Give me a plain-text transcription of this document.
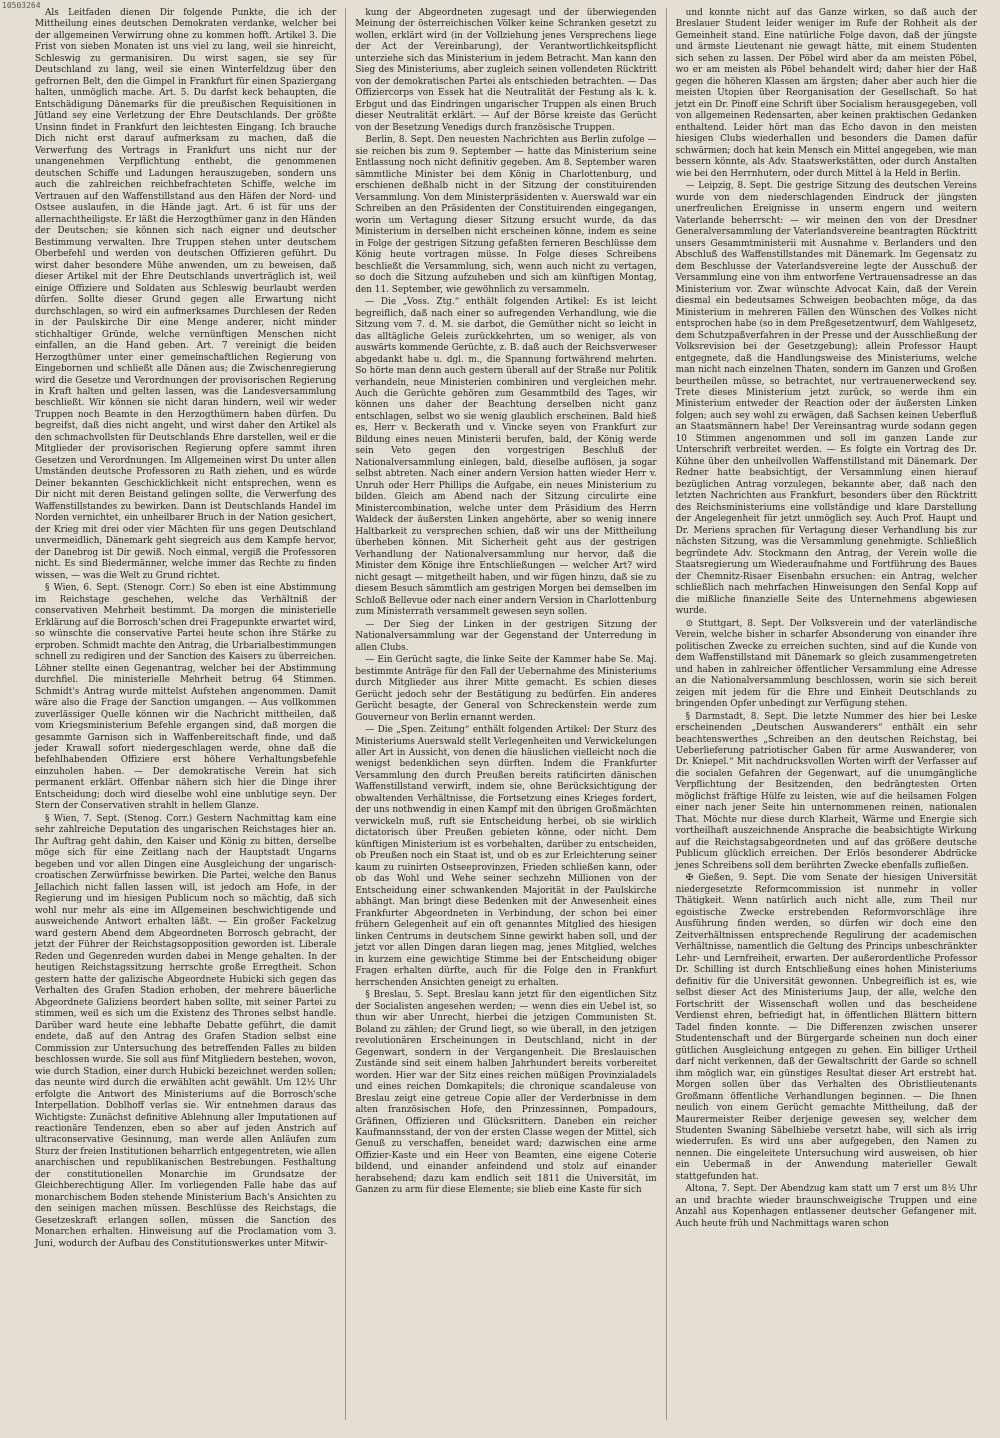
10503264

Als Leitfaden dienen Dir folgende Punkte, die ich der Mittheilung eines deutschen Demokraten verdanke, welcher bei der allgemeinen Verwirrung ohne zu kommen hofft. Artikel 3. Die Frist von sieben Monaten ist uns viel zu lang, weil sie hinreicht, Schleswig zu germanisiren. Du wirst sagen, sie sey für Deutschland zu lang, weil sie einen Winterfeldzug über den gefrornen Belt, den die Gimpel in Frankfurt für einen Spaziergang halten, unmöglich mache. Art. 5. Du darfst keck behaupten, die Entschädigung Dänemarks für die preußischen Requisitionen in Jütland sey eine Verletzung der Ehre Deutschlands. Der größte Unsinn findet in Frankfurt den leichtesten Eingang. Ich brauche Dich nicht erst darauf aufmerksam zu machen, daß die Verwerfung des Vertrags in Frankfurt uns nicht nur der unangenehmen Verpflichtung enthebt, die genommenen deutschen Schiffe und Ladungen herauszugeben, sondern uns auch die zahlreichen reichbefrachteten Schiffe, welche im Vertrauen auf den Waffenstillstand aus den Häfen der Nord- und Ostsee auslaufen, in die Hände jagt. Art. 6 ist für uns der allernachtheiligste. Er läßt die Herzogthümer ganz in den Händen der Deutschen; sie können sich nach eigner und deutscher Bestimmung verwalten. Ihre Truppen stehen unter deutschem Oberbefehl und werden von deutschen Offizieren geführt. Du wirst daher besondere Mühe anwenden, um zu beweisen, daß dieser Artikel mit der Ehre Deutschlands unverträglich ist, weil einige Offiziere und Soldaten aus Schleswig beurlaubt werden dürfen. Sollte dieser Grund gegen alle Erwartung nicht durchschlagen, so wird ein aufmerksames Durchlesen der Reden in der Paulskirche Dir eine Menge anderer, nicht minder stichhaltiger Gründe, welche vernünftigen Menschen nicht einfallen, an die Hand geben. Art. 7 vereinigt die beiden Herzogthümer unter einer gemeinschaftlichen Regierung von Eingebornen und schließt alle Dänen aus; die Zwischenregierung wird die Gesetze und Verordnungen der provisorischen Regierung in Kraft halten und gelten lassen, was die Landesversammlung beschließt. Wir können sie nicht daran hindern, weil wir weder Truppen noch Beamte in den Herzogthümern haben dürfen. Du begreifst, daß dies nicht angeht, und wirst daher den Artikel als den schmachvollsten für Deutschlands Ehre darstellen, weil er die Mitglieder der provisorischen Regierung opfere sammt ihren Gesetzen und Verordnungen. Im Allgemeinen wirst Du unter allen Umständen deutsche Professoren zu Rath ziehen, und es würde Deiner bekannten Geschicklichkeit nicht entsprechen, wenn es Dir nicht mit deren Beistand gelingen sollte, die Verwerfung des Waffenstillstandes zu bewirken. Dann ist Deutschlands Handel im Norden vernichtet, ein unheilbarer Bruch in der Nation gesichert, der Krieg mit drei oder vier Mächten für uns gegen Deutschland unvermeidlich, Dänemark geht siegreich aus dem Kampfe hervor, der Danebrog ist Dir gewiß. Noch einmal, vergiß die Professoren nicht. Es sind Biedermänner, welche immer das Rechte zu finden wissen, — was die Welt zu Grund richtet.

§ Wien, 6. Sept. (Stenogr. Corr.) So eben ist eine Abstimmung im Reichstage geschehen, welche das Verhältniß der conservativen Mehrheit bestimmt. Da morgen die ministerielle Erklärung auf die Borrosch'schen drei Fragepunkte erwartet wird, so wünschte die conservative Partei heute schon ihre Stärke zu erproben. Schmidt machte den Antrag, die Urbarialbestimmungen schnell zu redigiren und der Sanction des Kaisers zu überreichen. Löhner stellte einen Gegenantrag, welcher bei der Abstimmung durchfiel. Die ministerielle Mehrheit betrug 64 Stimmen. Schmidt's Antrag wurde mittelst Aufstehen angenommen. Damit wäre also die Frage der Sanction umgangen. — Aus vollkommen zuverlässiger Quelle können wir die Nachricht mittheilen, daß vom Kriegsministerium Befehle ergangen sind, daß morgen die gesammte Garnison sich in Waffenbereitschaft finde, und daß jeder Krawall sofort niedergeschlagen werde, ohne daß die befehlhabenden Offiziere erst höhere Verhaltungsbefehle einzuholen haben. — Der demokratische Verein hat sich permanent erklärt. Offenbar nähern sich hier die Dinge ihrer Entscheidung; doch wird dieselbe wohl eine unblutige seyn. Der Stern der Conservativen strahlt in hellem Glanze.

§ Wien, 7. Sept. (Stenog. Corr.) Gestern Nachmittag kam eine sehr zahlreiche Deputation des ungarischen Reichstages hier an. Ihr Auftrag geht dahin, den Kaiser und König zu bitten, derselbe möge sich für eine Zeitlang nach der Hauptstadt Ungarns begeben und vor allen Dingen eine Ausgleichung der ungarisch-croatischen Zerwürfnisse bewirken. Die Partei, welche den Banus Jellachich nicht fallen lassen will, ist jedoch am Hofe, in der Regierung und im hiesigen Publicum noch so mächtig, daß sich wohl nur mehr als eine im Allgemeinen beschwichtigende und ausweichende Antwort erhalten läßt. — Ein großer Fackelzug ward gestern Abend dem Abgeordneten Borrosch gebracht, der jetzt der Führer der Reichstagsopposition geworden ist. Liberale Reden und Gegenreden wurden dabei in Menge gehalten. In der heutigen Reichstagssitzung herrschte große Erregtheit. Schon gestern hatte der galizische Abgeordnete Hubicki sich gegen das Verhalten des Grafen Stadion erhoben, der mehrere bäuerliche Abgeordnete Galiziens beordert haben sollte, mit seiner Partei zu stimmen, weil es sich um die Existenz des Thrones selbst handle. Darüber ward heute eine lebhafte Debatte geführt, die damit endete, daß auf den Antrag des Grafen Stadion selbst eine Commission zur Untersuchung des betreffenden Falles zu bilden beschlossen wurde. Sie soll aus fünf Mitgliedern bestehen, wovon, wie durch Stadion, einer durch Hubicki bezeichnet werden sollen; das neunte wird durch die erwählten acht gewählt. Um 12½ Uhr erfolgte die Antwort des Ministeriums auf die Borrosch'sche Interpellation. Doblhoff verlas sie. Wir entnehmen daraus das Wichtigste: Zunächst definitive Ablehnung aller Imputationen auf reactionäre Tendenzen, eben so aber auf jeden Anstrich auf ultraconservative Gesinnung, man werde allen Anläufen zum Sturz der freien Institutionen beharrlich entgegentreten, wie allen anarchischen und republikanischen Bestrebungen. Festhaltung der constitutionellen Monarchie im Grundsatze der Gleichberechtigung Aller. Im vorliegenden Falle habe das auf monarchischem Boden stehende Ministerium Bach's Ansichten zu den seinigen machen müssen. Beschlüsse des Reichstags, die Gesetzeskraft erlangen sollen, müssen die Sanction des Monarchen erhalten. Hinweisung auf die Proclamation vom 3. Juni, wodurch der Aufbau des Constitutionswerkes unter Mitwir-

kung der Abgeordneten zugesagt und der überwiegenden Meinung der österreichischen Völker keine Schranken gesetzt zu wollen, erklärt wird (in der Vollziehung jenes Versprechens liege der Act der Vereinbarung), der Verantwortlichkeitspflicht unterziehe sich das Ministerium in jedem Betracht. Man kann den Sieg des Ministeriums, aber zugleich seinen vollendeten Rücktritt von der demokratischen Partei als entschieden betrachten. — Das Offiziercorps von Essek hat die Neutralität der Festung als k. k. Erbgut und das Eindringen ungarischer Truppen als einen Bruch dieser Neutralität erklärt. — Auf der Börse kreiste das Gerücht von der Besetzung Venedigs durch französische Truppen.

Berlin, 8. Sept. Den neuesten Nachrichten aus Berlin zufolge — sie reichen bis zum 9. September — hatte das Ministerium seine Entlassung noch nicht definitiv gegeben. Am 8. September waren sämmtliche Minister bei dem König in Charlottenburg, und erschienen deßhalb nicht in der Sitzung der constituirenden Versammlung. Von dem Ministerpräsidenten v. Auerswald war ein Schreiben an den Präsidenten der Constituirenden eingegangen, worin um Vertagung dieser Sitzung ersucht wurde, da das Ministerium in derselben nicht erscheinen könne, indem es seine in Folge der gestrigen Sitzung gefaßten ferneren Beschlüsse dem König heute vortragen müsse. In Folge dieses Schreibens beschließt die Versammlung, sich, wenn auch nicht zu vertagen, so doch die Sitzung aufzuheben und sich am künftigen Montag, den 11. September, wie gewöhnlich zu versammeln.

— Die „Voss. Ztg.“ enthält folgenden Artikel: Es ist leicht begreiflich, daß nach einer so aufregenden Verhandlung, wie die Sitzung vom 7. d. M. sie darbot, die Gemüther nicht so leicht in das alltägliche Geleis zurückkehrten, um so weniger, als von auswärts kommende Gerüchte, z. B. daß auch der Reichsverweser abgedankt habe u. dgl. m., die Spannung fortwährend mehrten. So hörte man denn auch gestern überall auf der Straße nur Politik verhandeln, neue Ministerien combiniren und vergleichen mehr. Auch die Gerüchte gehören zum Gesammtbild des Tages, wir können uns daher der Beachtung derselben nicht ganz entschlagen, selbst wo sie wenig glaublich erscheinen. Bald hieß es, Herr v. Beckerath und v. Vincke seyen von Frankfurt zur Bildung eines neuen Ministerii berufen, bald, der König werde sein Veto gegen den vorgestrigen Beschluß der Nationalversammlung einlegen, bald, dieselbe auflösen, ja sogar selbst abtreten. Nach einer andern Version hatten wieder Herr v. Unruh oder Herr Phillips die Aufgabe, ein neues Ministerium zu bilden. Gleich am Abend nach der Sitzung circulirte eine Ministercombination, welche unter dem Präsidium des Herrn Waldeck der äußersten Linken angehörte, aber so wenig innere Haltbarkeit zu versprechen schien, daß wir uns der Mittheilung überheben können. Mit Sicherheit geht aus der gestrigen Verhandlung der Nationalversammlung nur hervor, daß die Minister dem Könige ihre Entschließungen — welcher Art? wird nicht gesagt — mitgetheilt haben, und wir fügen hinzu, daß sie zu diesem Besuch sämmtlich am gestrigen Morgen bei demselben im Schloß Bellevue oder nach einer andern Version in Charlottenburg zum Ministerrath versammelt gewesen seyn sollen.

— Der Sieg der Linken in der gestrigen Sitzung der Nationalversammlung war der Gegenstand der Unterredung in allen Clubs.

— Ein Gerücht sagte, die linke Seite der Kammer habe Se. Maj. bestimmte Anträge für den Fall der Uebernahme des Ministeriums durch Mitglieder aus ihrer Mitte gemacht. Es schien dieses Gerücht jedoch sehr der Bestätigung zu bedürfen. Ein anderes Gerücht besagte, der General von Schreckenstein werde zum Gouverneur von Berlin ernannt werden.

— Die „Spen. Zeitung“ enthält folgenden Artikel: Der Sturz des Ministeriums Auerswald stellt Verlegenheiten und Verwickelungen aller Art in Aussicht, von denen die häuslichen vielleicht noch die wenigst bedenklichen seyn dürften. Indem die Frankfurter Versammlung den durch Preußen bereits ratificirten dänischen Waffenstillstand verwirft, indem sie, ohne Berücksichtigung der obwaltenden Verhältnisse, die Fortsetzung eines Krieges fordert, der uns nothwendig in einen Kampf mit den übrigen Großmächten verwickeln muß, ruft sie Entscheidung herbei, ob sie wirklich dictatorisch über Preußen gebieten könne, oder nicht. Dem künftigen Ministerium ist es vorbehalten, darüber zu entscheiden, ob Preußen noch ein Staat ist, und ob es zur Erleichterung seiner kaum zu ruinirten Ostseeprovinzen, Frieden schließen kann, oder ob das Wohl und Wehe seiner sechzehn Millionen von der Entscheidung einer schwankenden Majorität in der Paulskirche abhängt. Man bringt diese Bedenken mit der Anwesenheit eines Frankfurter Abgeordneten in Verbindung, der schon bei einer frühern Gelegenheit auf ein oft genanntes Mitglied des hiesigen linken Centrums in deutschem Sinne gewirkt haben soll, und der jetzt vor allen Dingen daran liegen mag, jenes Mitglied, welches in kurzem eine gewichtige Stimme bei der Entscheidung obiger Fragen erhalten dürfte, auch für die Folge den in Frankfurt herrschenden Ansichten geneigt zu erhalten.

§ Breslau, 5. Sept. Breslau kann jetzt für den eigentlichen Sitz der Socialisten angesehen werden; — wenn dies ein Uebel ist, so thun wir aber Unrecht, hierbei die jetzigen Communisten St. Boland zu zählen; der Grund liegt, so wie überall, in den jetzigen revolutionären Erscheinungen in Deutschland, nicht in der Gegenwart, sondern in der Vergangenheit. Die Breslauischen Zustände sind seit einem halben Jahrhundert bereits vorbereitet worden. Hier war der Sitz eines reichen müßigen Provinzialadels und eines reichen Domkapitels; die chronique scandaleuse von Breslau zeigt eine getreue Copie aller der Verderbnisse in dem alten französischen Hofe, den Prinzessinnen, Pompadours, Gräfinen, Offizieren und Glücksrittern. Daneben ein reicher Kaufmannsstand, der von der ersten Classe wegen der Mittel, sich Genuß zu verschaffen, beneidet ward; dazwischen eine arme Offizier-Kaste und ein Heer von Beamten, eine eigene Coterie bildend, und einander anfeindend und stolz auf einander herabsehend; dazu kam endlich seit 1811 die Universität, im Ganzen zu arm für diese Elemente; sie blieb eine Kaste für sich

und konnte nicht auf das Ganze wirken, so daß auch der Breslauer Student leider weniger im Rufe der Rohheit als der Gemeinheit stand. Eine natürliche Folge davon, daß der jüngste und ärmste Lieutenant nie gewagt hätte, mit einem Studenten sich sehen zu lassen. Der Pöbel wird aber da am meisten Pöbel, wo er am meisten als Pöbel behandelt wird; daher hier der Haß gegen die höheren Klassen am ärgsten; daher aber auch hier die meisten Utopien über Reorganisation der Gesellschaft. So hat jetzt ein Dr. Pinoff eine Schrift über Socialism herausgegeben, voll von allgemeinen Redensarten, aber keinen praktischen Gedanken enthaltend. Leider hört man das Echo davon in den meisten hiesigen Clubs wiederhallen und besonders die Damen dafür schwärmen; doch hat kein Mensch ein Mittel angegeben, wie man bessern könnte, als Adv. Staatswerkstätten, oder durch Anstalten wie bei den Herrnhutern, oder durch Mittel à la Held in Berlin.

— Leipzig, 8. Sept. Die gestrige Sitzung des deutschen Vereins wurde von dem niederschlagenden Eindruck der jüngsten unerfreulichen Ereignisse in unserm engern und weitern Vaterlande beherrscht: — wir meinen den von der Dresdner Generalversammlung der Vaterlandsvereine beantragten Rücktritt unsers Gesammtministerii mit Ausnahme v. Berlanders und den Abschluß des Waffenstillstandes mit Dänemark. Im Gegensatz zu dem Beschlusse der Vaterlandsvereine legte der Ausschuß der Versammlung eine von ihm entworfene Vertrauensadresse an das Ministerium vor. Zwar wünschte Advocat Kain, daß der Verein diesmal ein bedeutsames Schweigen beobachten möge, da das Ministerium in mehreren Fällen den Wünschen des Volkes nicht entsprochen habe (so in dem Preßgesetzentwurf, dem Wahlgesetz, dem Schutzpaßverfahren in der Presse und der Ausschließung der Volksrevision bei der Gesetzgebung); allein Professor Haupt entgegnete, daß die Handlungsweise des Ministeriums, welche man nicht nach einzelnen Thaten, sondern im Ganzen und Großen beurtheilen müsse, so betrachtet, nur vertrauenerweckend sey. Trete dieses Ministerium jetzt zurück, so werde ihm ein Ministerium entweder der Reaction oder der äußersten Linken folgen; auch sey wohl zu erwägen, daß Sachsen keinen Ueberfluß an Staatsmännern habe! Der Vereinsantrag wurde sodann gegen 10 Stimmen angenommen und soll im ganzen Lande zur Unterschrift verbreitet werden. — Es folgte ein Vortrag des Dr. Kühne über den unheilvollen Waffenstillstand mit Dänemark. Der Redner hatte beabsichtigt, der Versammlung einen hierauf bezüglichen Antrag vorzulegen, bekannte aber, daß nach den letzten Nachrichten aus Frankfurt, besonders über den Rücktritt des Reichsministeriums eine vollständige und klare Darstellung der Angelegenheit für jetzt unmöglich sey. Auch Prof. Haupt und Dr. Meriens sprachen für Vertagung dieser Verhandlung bis zur nächsten Sitzung, was die Versammlung genehmigte. Schließlich begründete Adv. Stockmann den Antrag, der Verein wolle die Staatsregierung um Wiederaufnahme und Fortführung des Baues der Chemnitz-Risaer Eisenbahn ersuchen: ein Antrag, welcher schließlich nach mehrfachen Hinweisungen den Senfal Kopp auf die mißliche finanzielle Seite des Unternehmens abgewiesen wurde.

⊙ Stuttgart, 8. Sept. Der Volksverein und der vaterländische Verein, welche bisher in scharfer Absonderung von einander ihre politischen Zwecke zu erreichen suchten, sind auf die Kunde von dem Waffenstillstand mit Dänemark so gleich zusammengetreten und haben in zahlreicher öffentlicher Versammlung eine Adresse an die Nationalversammlung beschlossen, worin sie sich bereit zeigen mit jedem für die Ehre und Einheit Deutschlands zu bringenden Opfer unbedingt zur Verfügung stehen.

§ Darmstadt, 8. Sept. Die letzte Nummer des hier bei Leske erscheinenden „Deutschen Auswanderers“ enthält ein sehr beachtenswerthes „Schreiben an den deutschen Reichstag, bei Ueberlieferung patriotischer Gaben für arme Auswanderer, von Dr. Kniepel.“ Mit nachdrucksvollen Worten wirft der Verfasser auf die socialen Gefahren der Gegenwart, auf die unumgängliche Verpflichtung der Besitzenden, den bedrängtesten Orten möglichst fräftige Hülfe zu leisten, wie auf die heilsamen Folgen einer nach jener Seite hin unternommenen reinen, nationalen That. Möchte nur diese durch Klarheit, Wärme und Energie sich vortheilhaft auszeichnende Ansprache die beabsichtigte Wirkung auf die Reichstagsabgeordneten und auf das größere deutsche Publicum glücklich erreichen. Der Erlös besonderer Abdrücke jenes Schreibens soll dem berührten Zwecke ebenfalls zufließen.

✠ Gießen, 9. Sept. Die vom Senate der hiesigen Universität niedergesetzte Reformcommission ist nunmehr in voller Thätigkeit. Wenn natürlich auch nicht alle, zum Theil nur egoistische Zwecke erstrebenden Reformvorschläge ihre Ausführung finden werden, so dürfen wir doch eine den Zeitverhältnissen entsprechende Regulirung der academischen Verhältnisse, namentlich die Geltung des Princips unbeschränkter Lehr- und Lernfreiheit, erwarten. Der außerordentliche Professor Dr. Schilling ist durch Entschließung eines hohen Ministeriums definitiv für die Universität gewonnen. Unbegreiflich ist es, wie selbst dieser Act des Ministeriums Jaup, der alle, welche den Fortschritt der Wissenschaft wollen und das bescheidene Verdienst ehren, befriedigt hat, in öffentlichen Blättern bittern Tadel finden konnte. — Die Differenzen zwischen unserer Studentenschaft und der Bürgergarde scheinen nun doch einer gütlichen Ausgleichung entgegen zu gehen. Ein billiger Urtheil darf nicht verkennen, daß der Gewaltschritt der Garde so schnell ihm möglich war, ein günstiges Resultat dieser Art erstrebt hat. Morgen sollen über das Verhalten des Obristlieutenants Großmann öffentliche Verhandlungen beginnen. — Die Ihnen neulich von einem Gerücht gemachte Mittheilung, daß der Maurermeister Reiber derjenige gewesen sey, welcher dem Studenten Swaning Säbelhiebe versetzt habe, will sich als irrig wiederrufen. Es wird uns aber aufgegeben, den Namen zu nennen. Die eingeleitete Untersuchung wird ausweisen, ob hier ein Uebermaß in der Anwendung materieller Gewalt stattgefunden hat.

Altona, 7. Sept. Der Abendzug kam statt um 7 erst um 8½ Uhr an und brachte wieder braunschweigische Truppen und eine Anzahl aus Kopenhagen entlassener deutscher Gefangener mit. Auch heute früh und Nachmittags waren schon
